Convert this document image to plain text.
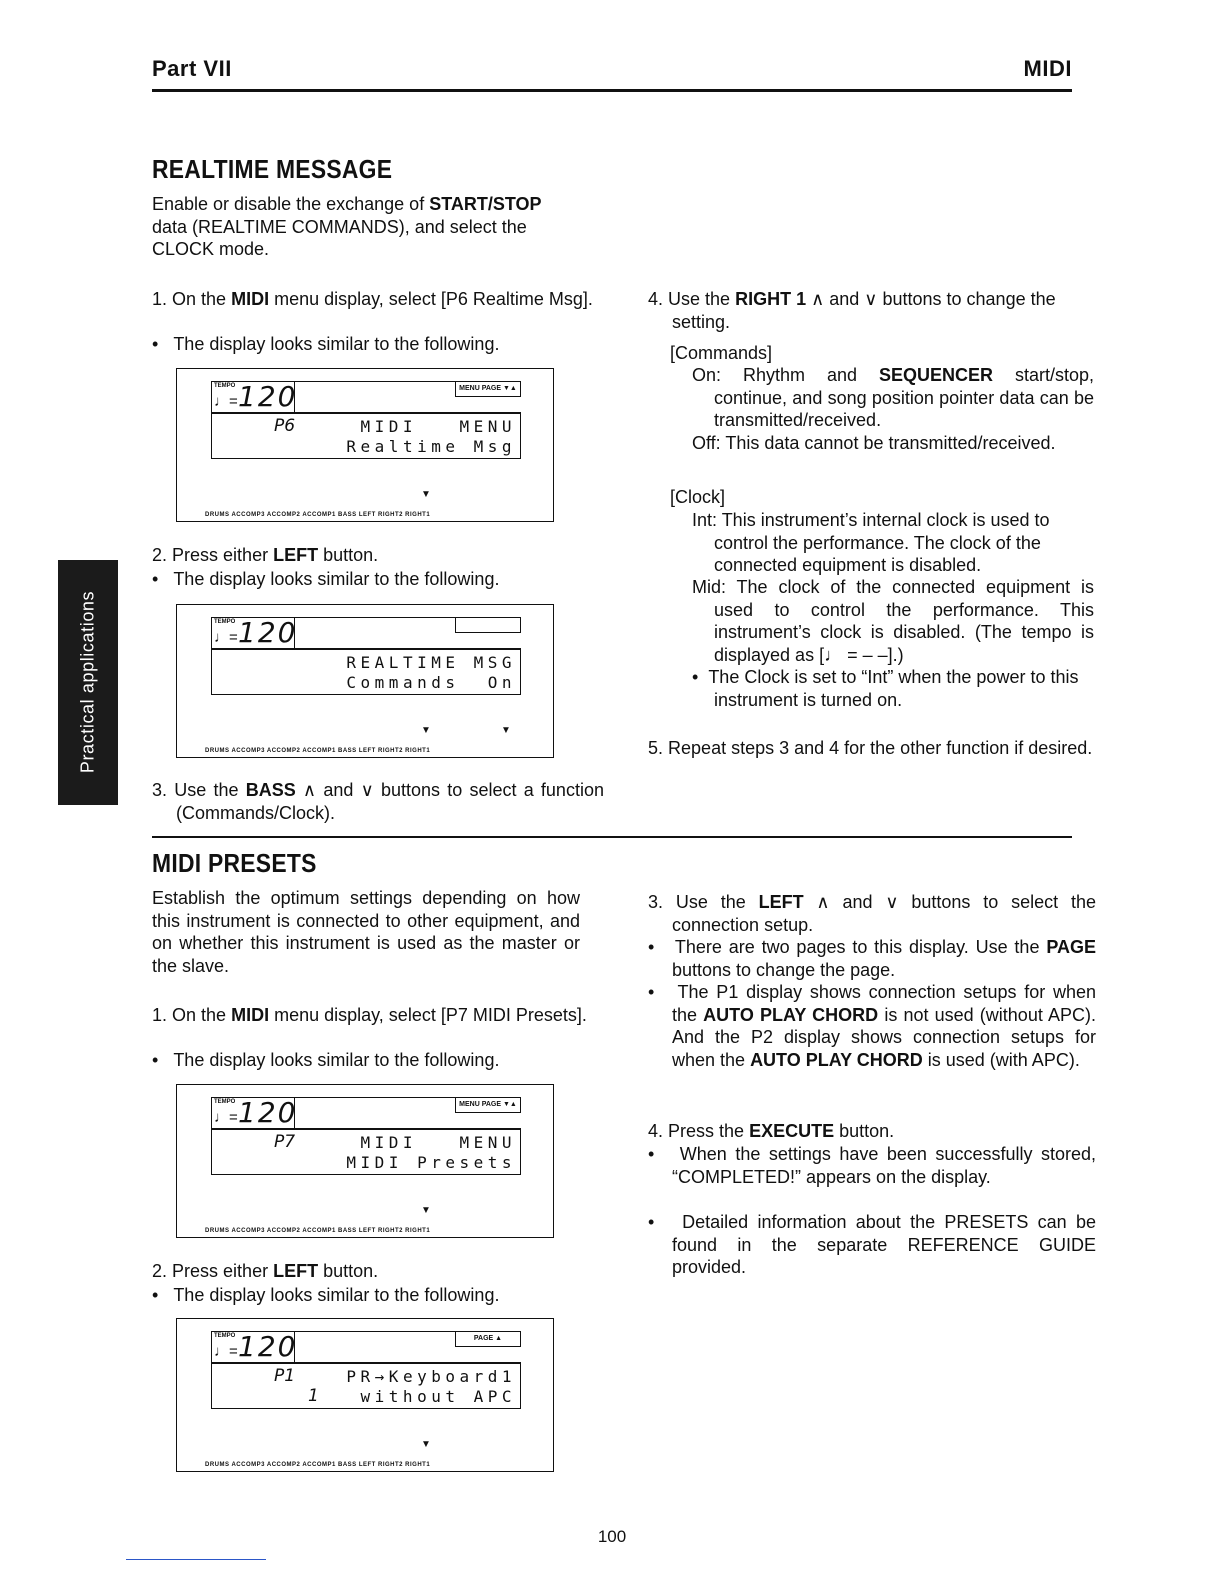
Part VII	MIDI
Practical applications
REALTIME MESSAGE
Enable or disable the exchange of START/STOP data (REALTIME COMMANDS), and select the CLOCK mode.
1. On the MIDI menu display, select [P6 Realtime Msg].
•   The display looks similar to the following.
TEMPO
♩= 120	MENU PAGE ▼▲
P6	MIDI   MENU
Realtime Msg
▼
DRUMS ACCOMP3 ACCOMP2 ACCOMP1 BASS LEFT RIGHT2 RIGHT1
2. Press either LEFT button.
•   The display looks similar to the following.
TEMPO
♩= 120
REALTIME MSG
Commands  On
▼	▼
DRUMS ACCOMP3 ACCOMP2 ACCOMP1 BASS LEFT RIGHT2 RIGHT1
3. Use the BASS ∧ and ∨ buttons to select a function (Commands/Clock).
4. Use the RIGHT 1 ∧ and ∨ buttons to change the setting.
[Commands]
On: Rhythm and SEQUENCER start/stop, continue, and song position pointer data can be transmitted/received.
Off: This data cannot be transmitted/received.
[Clock]
Int: This instrument’s internal clock is used to control the performance. The clock of the connected equipment is disabled.
Mid: The clock of the connected equipment is used to control the performance. This instrument’s clock is disabled. (The tempo is displayed as [♩ = – –].)
•  The Clock is set to “Int” when the power to this instrument is turned on.
5. Repeat steps 3 and 4 for the other function if desired.
MIDI PRESETS
Establish the optimum settings depending on how this instrument is connected to other equipment, and on whether this instrument is used as the master or the slave.
1. On the MIDI menu display, select [P7 MIDI Presets].
•   The display looks similar to the following.
TEMPO
♩= 120	MENU PAGE ▼▲
P7	MIDI   MENU
MIDI Presets
▼
DRUMS ACCOMP3 ACCOMP2 ACCOMP1 BASS LEFT RIGHT2 RIGHT1
2. Press either LEFT button.
•   The display looks similar to the following.
TEMPO
♩= 120	PAGE ▲
P1
1
PR→Keyboard1
without APC
▼
DRUMS ACCOMP3 ACCOMP2 ACCOMP1 BASS LEFT RIGHT2 RIGHT1
3. Use the LEFT ∧ and ∨ buttons to select the connection setup.
•   There are two pages to this display. Use the PAGE buttons to change the page.
•   The P1 display shows connection setups for when the AUTO PLAY CHORD is not used (without APC). And the P2 display shows connection setups for when the AUTO PLAY CHORD is used (with APC).
4. Press the EXECUTE button.
•   When the settings have been successfully stored, “COMPLETED!” appears on the display.
•   Detailed information about the PRESETS can be found in the separate REFERENCE GUIDE provided.
100
